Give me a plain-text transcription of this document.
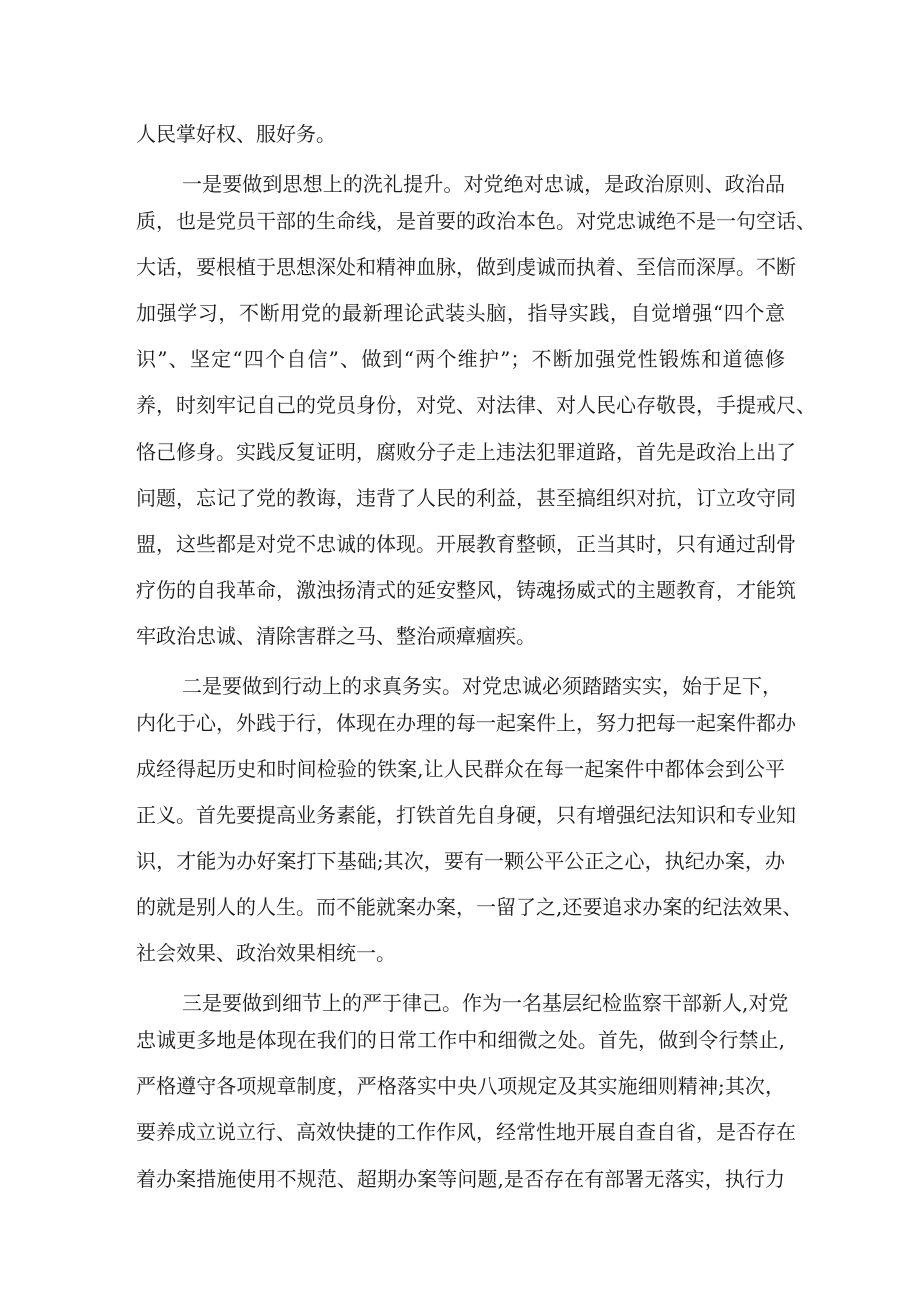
人民掌好权、服好务。
一是要做到思想上的洗礼提升。对党绝对忠诚，是政治原则、政治品
质，也是党员干部的生命线，是首要的政治本色。对党忠诚绝不是一句空话、
大话，要根植于思想深处和精神血脉，做到虔诚而执着、至信而深厚。不断
加强学习，不断用党的最新理论武装头脑，指导实践，自觉增强“四个意
识”、坚定“四个自信”、做到“两个维护”；不断加强党性锻炼和道德修
养，时刻牢记自己的党员身份，对党、对法律、对人民心存敬畏，手提戒尺、
恪己修身。实践反复证明，腐败分子走上违法犯罪道路，首先是政治上出了
问题，忘记了党的教诲，违背了人民的利益，甚至搞组织对抗，订立攻守同
盟，这些都是对党不忠诚的体现。开展教育整顿，正当其时，只有通过刮骨
疗伤的自我革命，激浊扬清式的延安整风，铸魂扬威式的主题教育，才能筑
牢政治忠诚、清除害群之马、整治顽瘴痼疾。
二是要做到行动上的求真务实。对党忠诚必须踏踏实实，始于足下，
内化于心，外践于行，体现在办理的每一起案件上，努力把每一起案件都办
成经得起历史和时间检验的铁案,让人民群众在每一起案件中都体会到公平
正义。首先要提高业务素能，打铁首先自身硬，只有增强纪法知识和专业知
识，才能为办好案打下基础;其次，要有一颗公平公正之心，执纪办案，办
的就是别人的人生。而不能就案办案，一留了之,还要追求办案的纪法效果、
社会效果、政治效果相统一。
三是要做到细节上的严于律己。作为一名基层纪检监察干部新人,对党
忠诚更多地是体现在我们的日常工作中和细微之处。首先，做到令行禁止,
严格遵守各项规章制度，严格落实中央八项规定及其实施细则精神;其次，
要养成立说立行、高效快捷的工作作风，经常性地开展自查自省，是否存在
着办案措施使用不规范、超期办案等问题,是否存在有部署无落实，执行力
